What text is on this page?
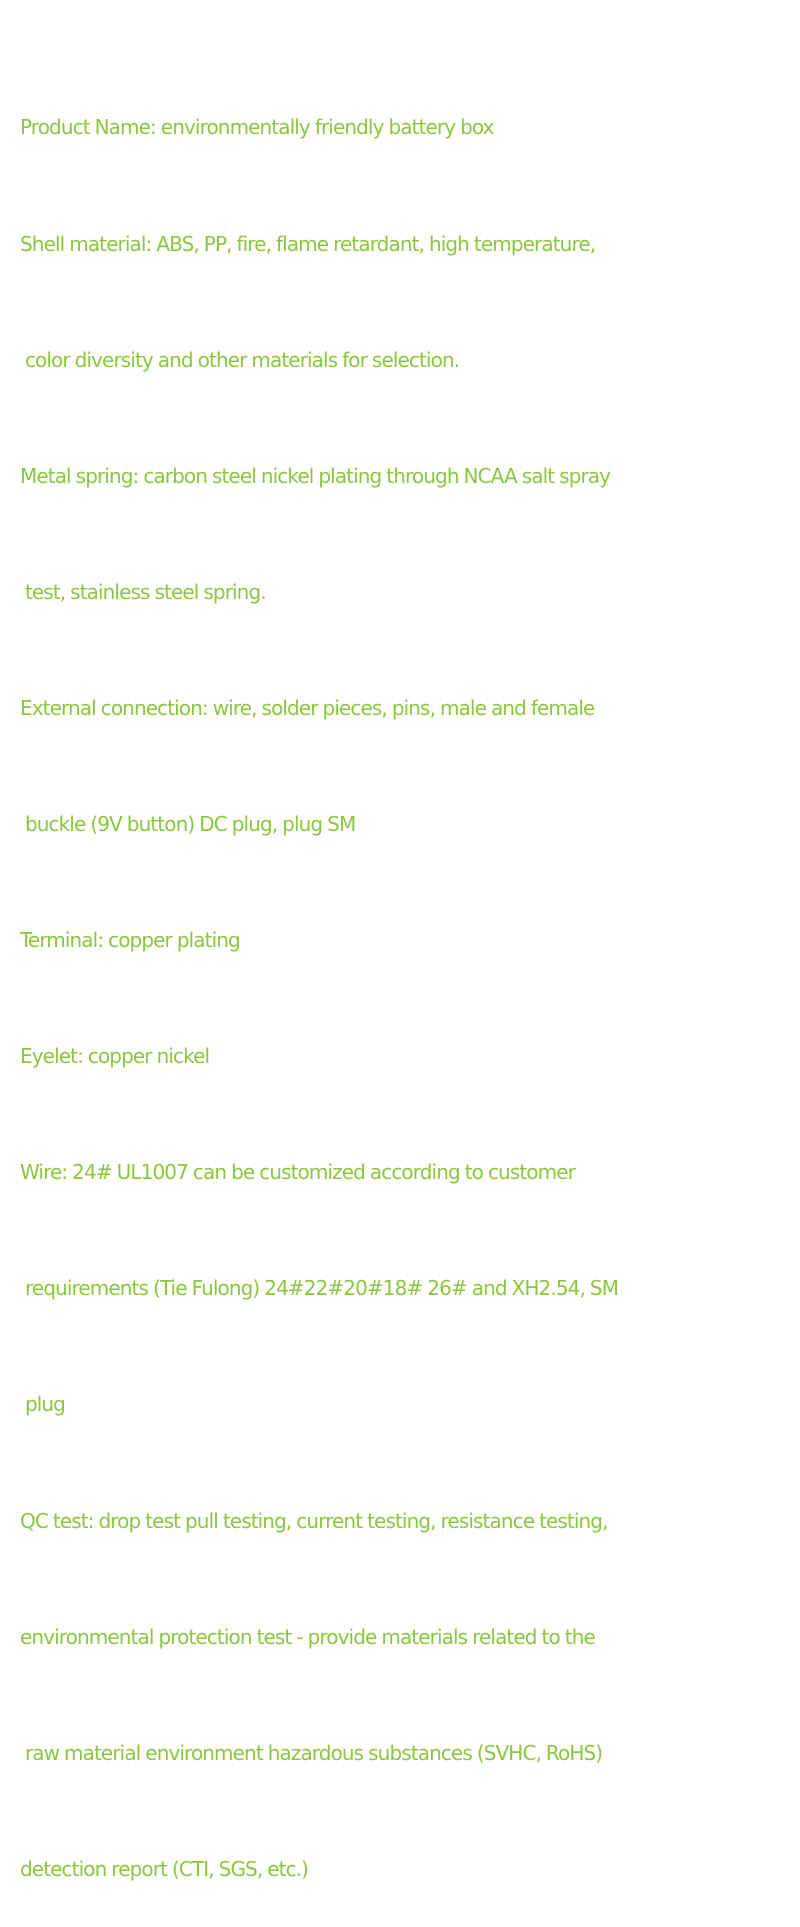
Product Name: environmentally friendly battery box

Shell material: ABS, PP, fire, flame retardant, high temperature,

color diversity and other materials for selection.

Metal spring: carbon steel nickel plating through NCAA salt spray

test, stainless steel spring.

External connection: wire, solder pieces, pins, male and female

buckle (9V button) DC plug, plug SM

Terminal: copper plating

Eyelet: copper nickel

Wire: 24# UL1007 can be customized according to customer

requirements (Tie Fulong) 24#22#20#18# 26# and XH2.54, SM

plug

QC test: drop test pull testing, current testing, resistance testing,

environmental protection test - provide materials related to the

raw material environment hazardous substances (SVHC, RoHS)

detection report (CTI, SGS, etc.)
